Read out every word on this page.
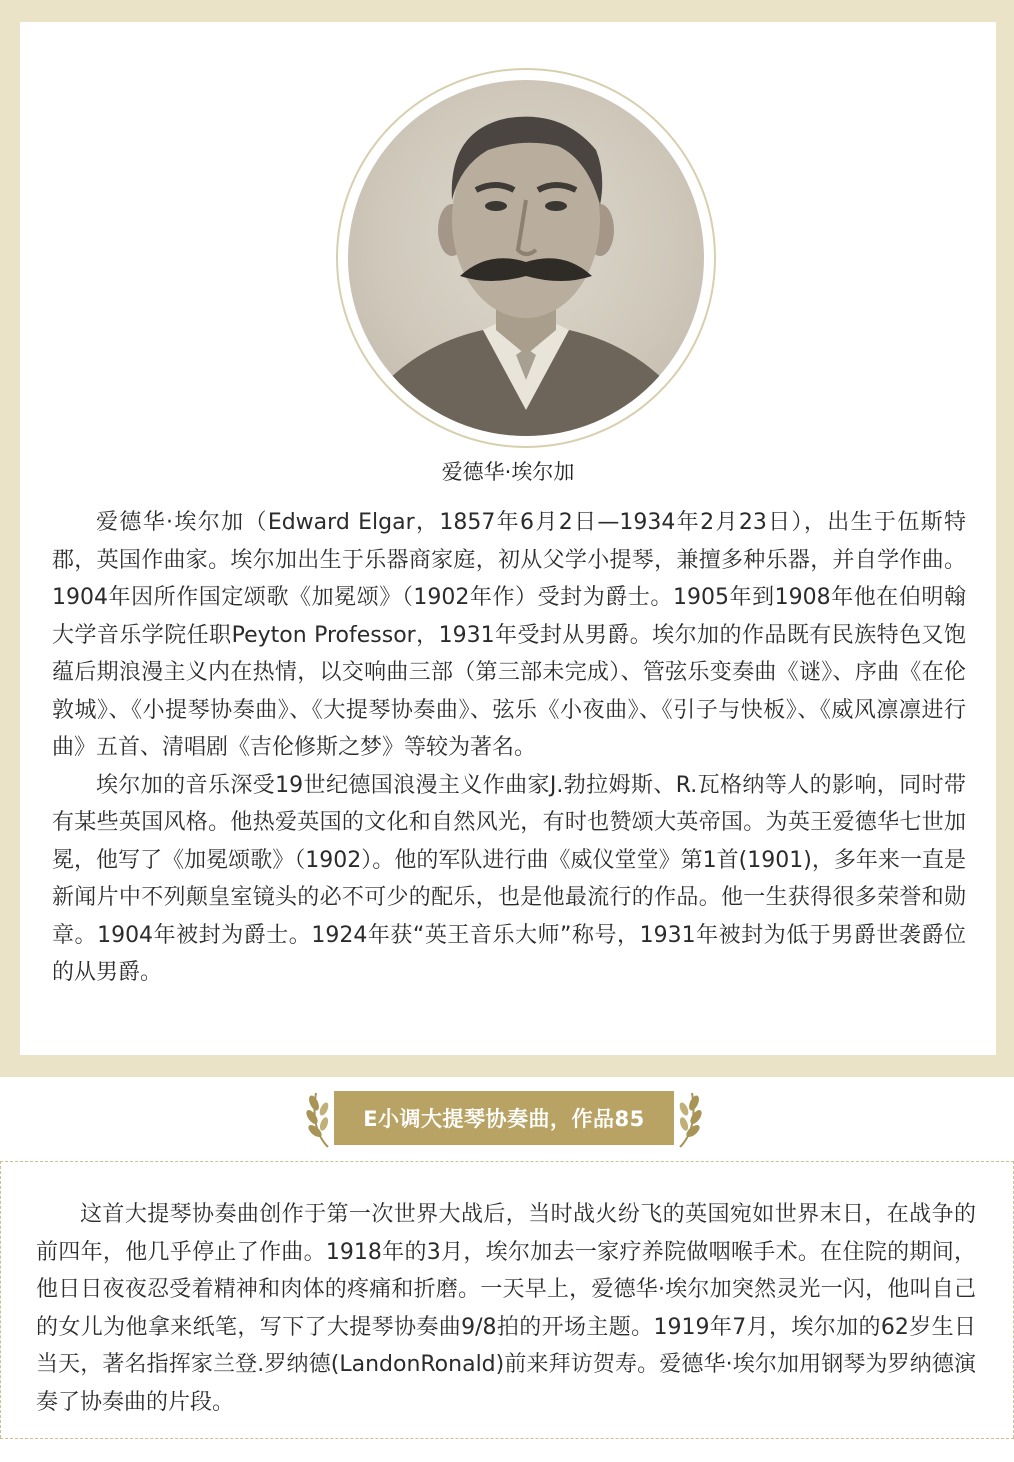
爱德华·埃尔加

爱德华·埃尔加（Edward Elgar，1857年6月2日—1934年2月23日），出生于伍斯特郡，英国作曲家。埃尔加出生于乐器商家庭，初从父学小提琴，兼擅多种乐器，并自学作曲。1904年因所作国定颂歌《加冕颂》（1902年作）受封为爵士。1905年到1908年他在伯明翰大学音乐学院任职Peyton Professor，1931年受封从男爵。埃尔加的作品既有民族特色又饱蕴后期浪漫主义内在热情，以交响曲三部（第三部未完成）、管弦乐变奏曲《谜》、序曲《在伦敦城》、《小提琴协奏曲》、《大提琴协奏曲》、弦乐《小夜曲》、《引子与快板》、《威风凛凛进行曲》五首、清唱剧《吉伦修斯之梦》等较为著名。

埃尔加的音乐深受19世纪德国浪漫主义作曲家J.勃拉姆斯、R.瓦格纳等人的影响，同时带有某些英国风格。他热爱英国的文化和自然风光，有时也赞颂大英帝国。为英王爱德华七世加冕，他写了《加冕颂歌》（1902）。他的军队进行曲《威仪堂堂》第1首(1901)，多年来一直是新闻片中不列颠皇室镜头的必不可少的配乐，也是他最流行的作品。他一生获得很多荣誉和勋章。1904年被封为爵士。1924年获“英王音乐大师”称号，1931年被封为低于男爵世袭爵位的从男爵。

E小调大提琴协奏曲，作品85

这首大提琴协奏曲创作于第一次世界大战后，当时战火纷飞的英国宛如世界末日，在战争的前四年，他几乎停止了作曲。1918年的3月，埃尔加去一家疗养院做咽喉手术。在住院的期间，他日日夜夜忍受着精神和肉体的疼痛和折磨。一天早上，爱德华·埃尔加突然灵光一闪，他叫自己的女儿为他拿来纸笔，写下了大提琴协奏曲9/8拍的开场主题。1919年7月，埃尔加的62岁生日当天，著名指挥家兰登.罗纳德(LandonRonald)前来拜访贺寿。爱德华·埃尔加用钢琴为罗纳德演奏了协奏曲的片段。
